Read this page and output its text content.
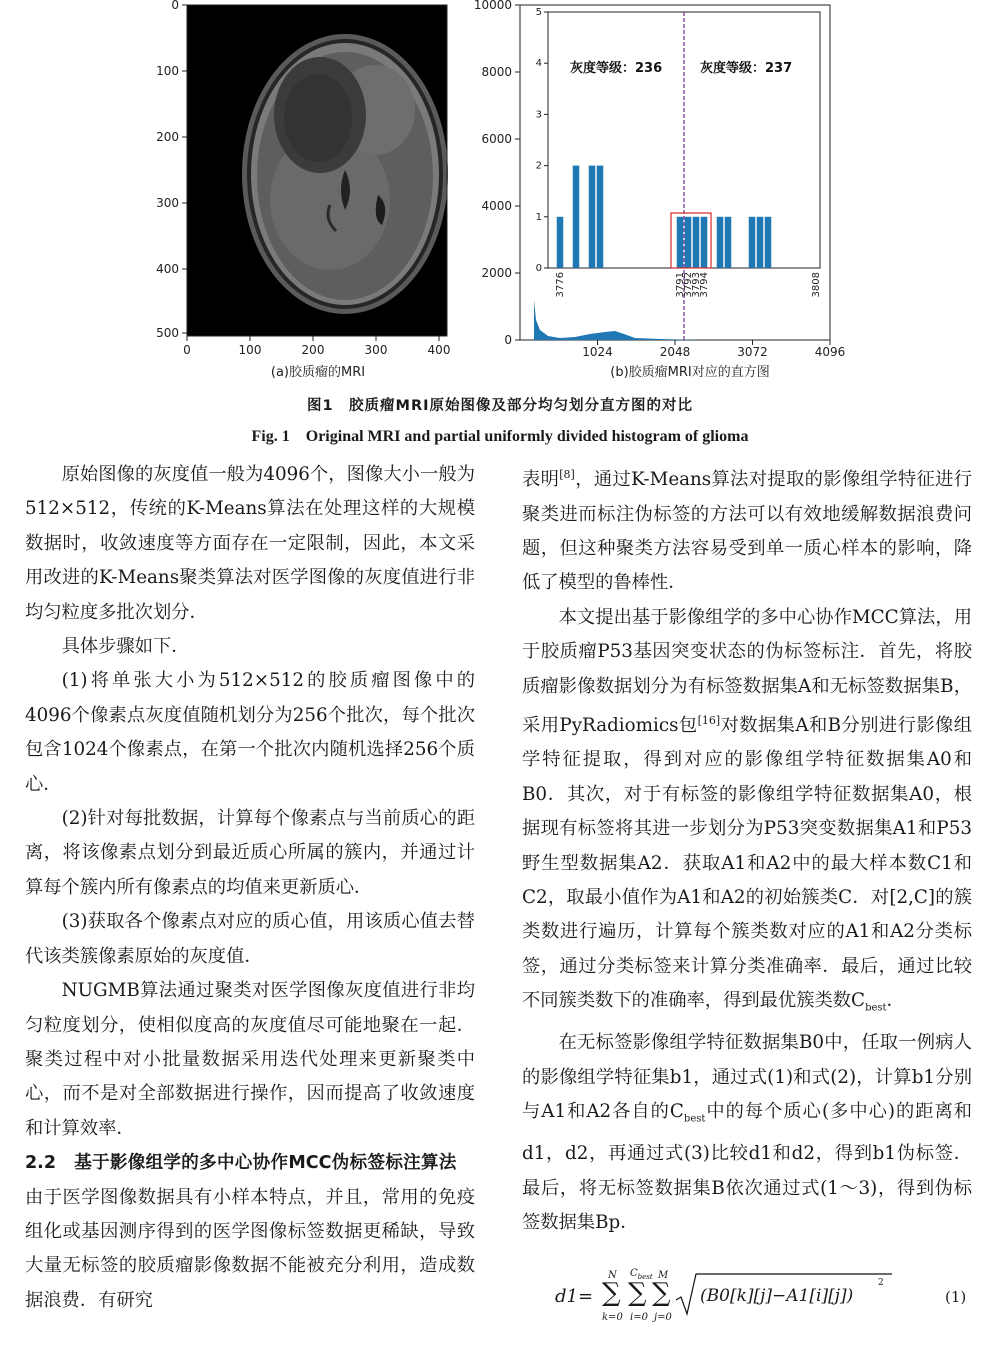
0	100	200	300	400
0
100
200
300
400
500
(a)胶质瘤的MRI
0
2000
4000
6000
8000
10000
1024	2048	3072	4096
0
1
2
3
4
5
3776	3791
3792
3793
3794	3808
灰度等级：236	灰度等级：237
(b)胶质瘤MRI对应的直方图
图1　胶质瘤MRI原始图像及部分均匀划分直方图的对比
Fig. 1　Original MRI and partial uniformly divided histogram of glioma

原始图像的灰度值一般为4096个，图像大小一般为512×512，传统的K-Means算法在处理这样的大规模数据时，收敛速度等方面存在一定限制，因此，本文采用改进的K-Means聚类算法对医学图像的灰度值进行非均匀粒度多批次划分．

具体步骤如下．

(1)将单张大小为512×512的胶质瘤图像中的4096个像素点灰度值随机划分为256个批次，每个批次包含1024个像素点，在第一个批次内随机选择256个质心．

(2)针对每批数据，计算每个像素点与当前质心的距离，将该像素点划分到最近质心所属的簇内，并通过计算每个簇内所有像素点的均值来更新质心．

(3)获取各个像素点对应的质心值，用该质心值去替代该类簇像素原始的灰度值．

NUGMB算法通过聚类对医学图像灰度值进行非均匀粒度划分，使相似度高的灰度值尽可能地聚在一起．聚类过程中对小批量数据采用迭代处理来更新聚类中心，而不是对全部数据进行操作，因而提高了收敛速度和计算效率．

2.2　基于影像组学的多中心协作MCC伪标签标注算法　由于医学图像数据具有小样本特点，并且，常用的免疫组化或基因测序得到的医学图像标签数据更稀缺，导致大量无标签的胶质瘤影像数据不能被充分利用，造成数据浪费．有研究

表明[8]，通过K-Means算法对提取的影像组学特征进行聚类进而标注伪标签的方法可以有效地缓解数据浪费问题，但这种聚类方法容易受到单一质心样本的影响，降低了模型的鲁棒性．

本文提出基于影像组学的多中心协作MCC算法，用于胶质瘤P53基因突变状态的伪标签标注．首先，将胶质瘤影像数据划分为有标签数据集A和无标签数据集B，采用PyRadiomics包[16]对数据集A和B分别进行影像组学特征提取，得到对应的影像组学特征数据集A0和B0．其次，对于有标签的影像组学特征数据集A0，根据现有标签将其进一步划分为P53突变数据集A1和P53野生型数据集A2．获取A1和A2中的最大样本数C1和C2，取最小值作为A1和A2的初始簇类C．对[2,C]的簇类数进行遍历，计算每个簇类数对应的A1和A2分类标签，通过分类标签来计算分类准确率．最后，通过比较不同簇类数下的准确率，得到最优簇类数$C_{best}$．

在无标签影像组学特征数据集B0中，任取一例病人的影像组学特征集b1，通过式(1)和式(2)，计算b1分别与A1和A2各自的$C_{best}$中的每个质心(多中心)的距离和d1，d2，再通过式(3)比较d1和d2，得到b1伪标签．最后，将无标签数据集B依次通过式(1～3)，得到伪标签数据集Bp．

d1=
N
∑
k=0
$C_{best}$
∑
i=0
M
∑
j=0
(B0[k][j]−A1[i][j])
2
(1)
